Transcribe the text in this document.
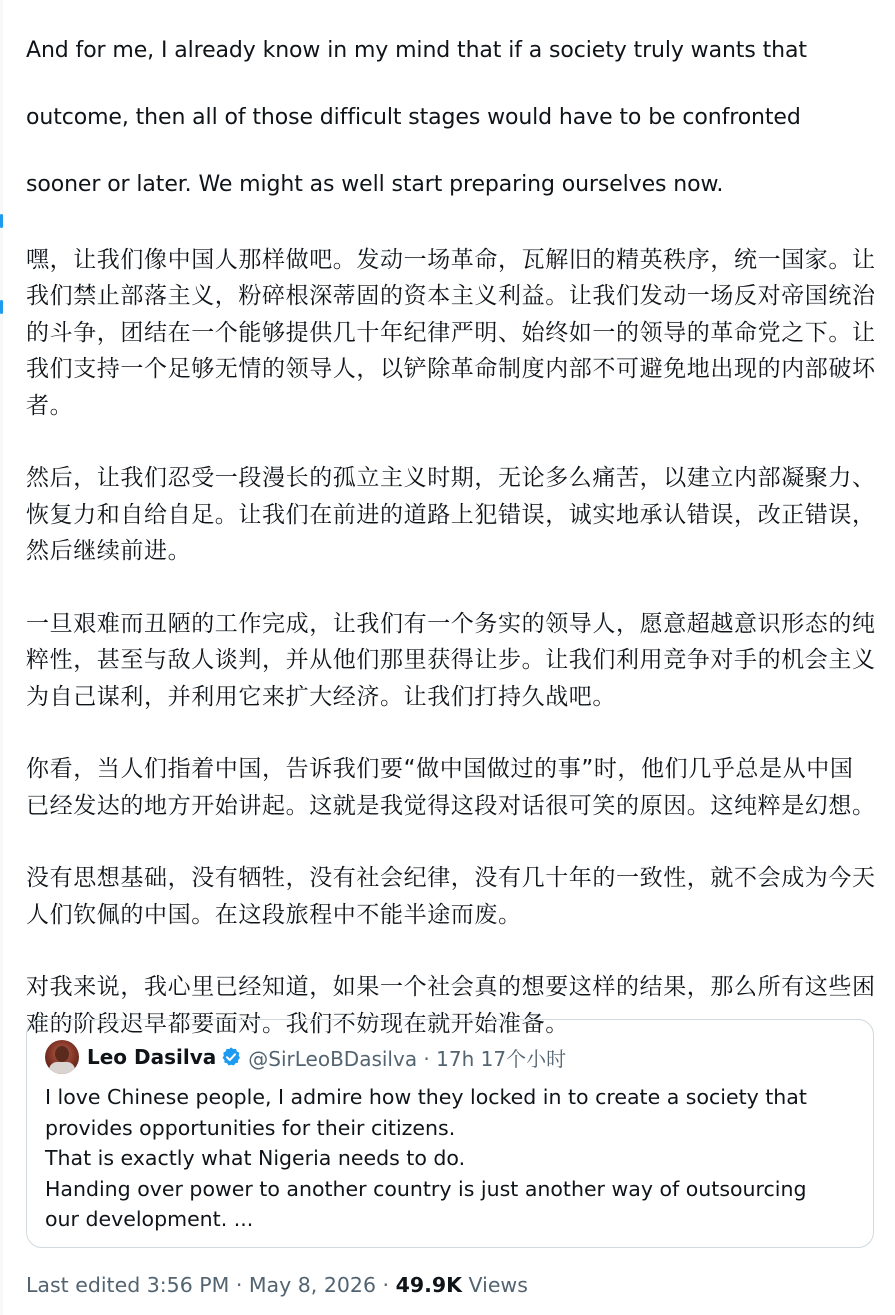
And for me, I already know in my mind that if a society truly wants that

outcome, then all of those difficult stages would have to be confronted

sooner or later. We might as well start preparing ourselves now.

嘿，让我们像中国人那样做吧。发动一场革命，瓦解旧的精英秩序，统一国家。让我们禁止部落主义，粉碎根深蒂固的资本主义利益。让我们发动一场反对帝国统治的斗争，团结在一个能够提供几十年纪律严明、始终如一的领导的革命党之下。让我们支持一个足够无情的领导人，以铲除革命制度内部不可避免地出现的内部破坏者。

然后，让我们忍受一段漫长的孤立主义时期，无论多么痛苦，以建立内部凝聚力、恢复力和自给自足。让我们在前进的道路上犯错误，诚实地承认错误，改正错误，然后继续前进。

一旦艰难而丑陋的工作完成，让我们有一个务实的领导人，愿意超越意识形态的纯粹性，甚至与敌人谈判，并从他们那里获得让步。让我们利用竞争对手的机会主义为自己谋利，并利用它来扩大经济。让我们打持久战吧。

你看，当人们指着中国，告诉我们要“做中国做过的事”时，他们几乎总是从中国已经发达的地方开始讲起。这就是我觉得这段对话很可笑的原因。这纯粹是幻想。

没有思想基础，没有牺牲，没有社会纪律，没有几十年的一致性，就不会成为今天人们钦佩的中国。在这段旅程中不能半途而废。

对我来说，我心里已经知道，如果一个社会真的想要这样的结果，那么所有这些困难的阶段迟早都要面对。我们不妨现在就开始准备。

Leo Dasilva @SirLeoBDasilva · 17h 17个小时
I love Chinese people, I admire how they locked in to create a society that
provides opportunities for their citizens.
That is exactly what Nigeria needs to do.
Handing over power to another country is just another way of outsourcing
our development. ...
Last edited 3:56 PM · May 8, 2026 · 49.9K Views
